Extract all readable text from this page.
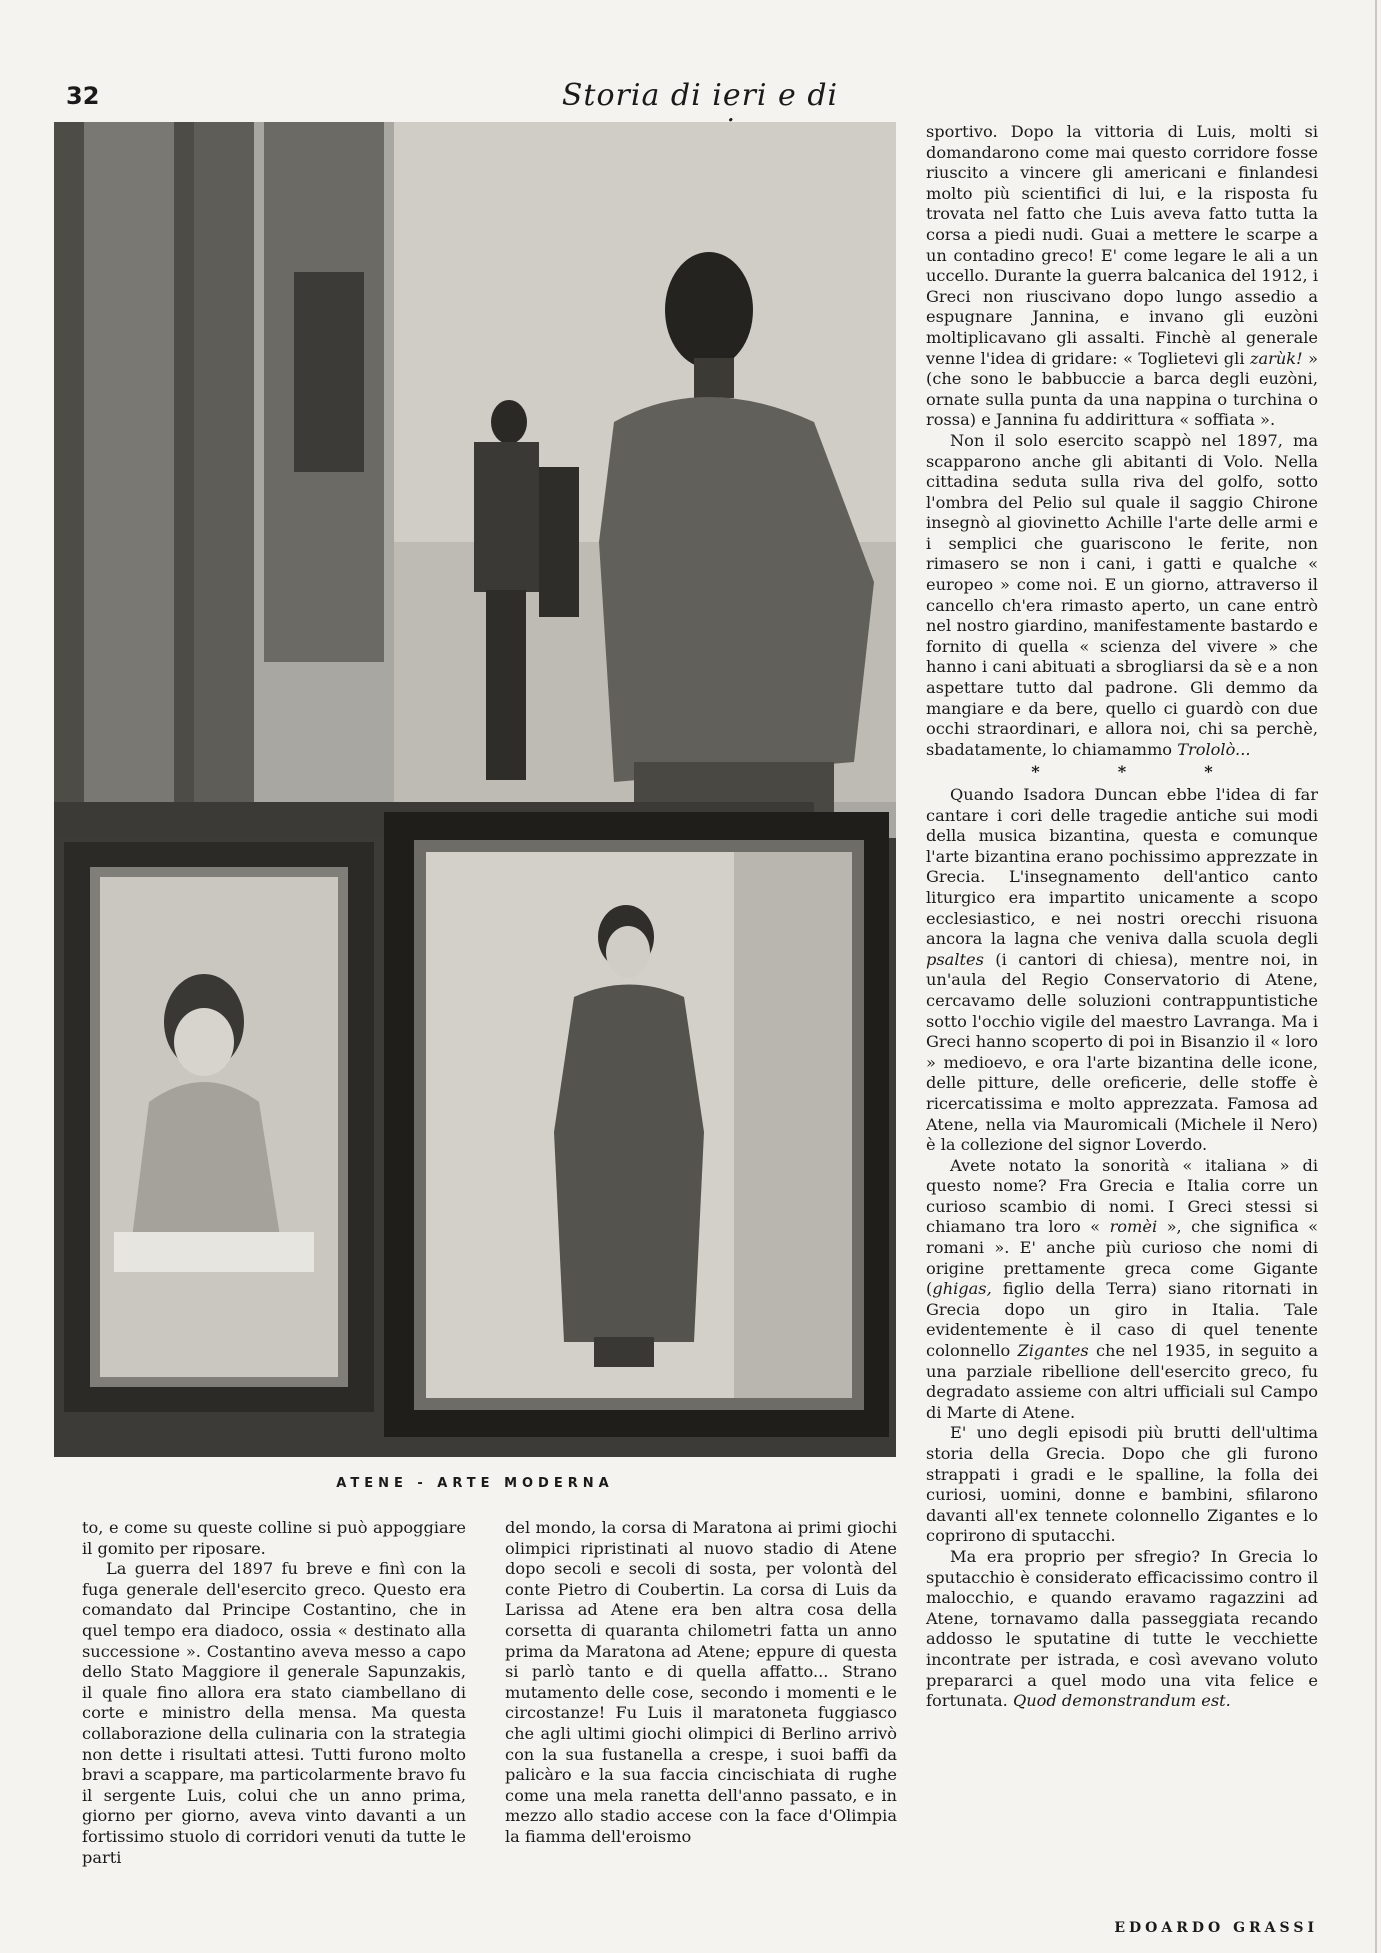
32	Storia di ieri e di
ATENE - ARTE MODERNA

to, e come su queste colline si può appoggiare il gomito per riposare.

La guerra del 1897 fu breve e finì con la fuga generale dell'esercito greco. Questo era comandato dal Principe Costantino, che in quel tempo era diadoco, ossia « destinato alla successione ». Costantino aveva messo a capo dello Stato Maggiore il generale Sapunzakis, il quale fino allora era stato ciambellano di corte e ministro della mensa. Ma questa collaborazione della culinaria con la strategia non dette i risultati attesi. Tutti furono molto bravi a scappare, ma particolarmente bravo fu il sergente Luis, colui che un anno prima, giorno per giorno, aveva vinto davanti a un fortissimo stuolo di corridori venuti da tutte le parti

del mondo, la corsa di Maratona ai primi giochi olimpici ripristinati al nuovo stadio di Atene dopo secoli e secoli di sosta, per volontà del conte Pietro di Coubertin. La corsa di Luis da Larissa ad Atene era ben altra cosa della corsetta di quaranta chilometri fatta un anno prima da Maratona ad Atene; eppure di questa si parlò tanto e di quella affatto... Strano mutamento delle cose, secondo i momenti e le circostanze! Fu Luis il maratoneta fuggiasco che agli ultimi giochi olimpici di Berlino arrivò con la sua fustanella a crespe, i suoi baffi da palicàro e la sua faccia cincischiata di rughe come una mela ranetta dell'anno passato, e in mezzo allo stadio accese con la face d'Olimpia la fiamma dell'eroismo

sportivo. Dopo la vittoria di Luis, molti si domandarono come mai questo corridore fosse riuscito a vincere gli americani e finlandesi molto più scientifici di lui, e la risposta fu trovata nel fatto che Luis aveva fatto tutta la corsa a piedi nudi. Guai a mettere le scarpe a un contadino greco! E' come legare le ali a un uccello. Durante la guerra balcanica del 1912, i Greci non riuscivano dopo lungo assedio a espugnare Jannina, e invano gli euzòni moltiplicavano gli assalti. Finchè al generale venne l'idea di gridare: « Toglietevi gli zarùk! » (che sono le babbuccie a barca degli euzòni, ornate sulla punta da una nappina o turchina o rossa) e Jannina fu addirittura « soffiata ».

Non il solo esercito scappò nel 1897, ma scapparono anche gli abitanti di Volo. Nella cittadina seduta sulla riva del golfo, sotto l'ombra del Pelio sul quale il saggio Chirone insegnò al giovinetto Achille l'arte delle armi e i semplici che guariscono le ferite, non rimasero se non i cani, i gatti e qualche « europeo » come noi. E un giorno, attraverso il cancello ch'era rimasto aperto, un cane entrò nel nostro giardino, manifestamente bastardo e fornito di quella « scienza del vivere » che hanno i cani abituati a sbrogliarsi da sè e a non aspettare tutto dal padrone. Gli demmo da mangiare e da bere, quello ci guardò con due occhi straordinari, e allora noi, chi sa perchè, sbadatamente, lo chiamammo Trololò...

*	*	*

Quando Isadora Duncan ebbe l'idea di far cantare i cori delle tragedie antiche sui modi della musica bizantina, questa e comunque l'arte bizantina erano pochissimo apprezzate in Grecia. L'insegnamento dell'antico canto liturgico era impartito unicamente a scopo ecclesiastico, e nei nostri orecchi risuona ancora la lagna che veniva dalla scuola degli psaltes (i cantori di chiesa), mentre noi, in un'aula del Regio Conservatorio di Atene, cercavamo delle soluzioni contrappuntistiche sotto l'occhio vigile del maestro Lavranga. Ma i Greci hanno scoperto di poi in Bisanzio il « loro » medioevo, e ora l'arte bizantina delle icone, delle pitture, delle oreficerie, delle stoffe è ricercatissima e molto apprezzata. Famosa ad Atene, nella via Mauromicali (Michele il Nero) è la collezione del signor Loverdo.

Avete notato la sonorità « italiana » di questo nome? Fra Grecia e Italia corre un curioso scambio di nomi. I Greci stessi si chiamano tra loro « romèi », che significa « romani ». E' anche più curioso che nomi di origine prettamente greca come Gigante (ghigas, figlio della Terra) siano ritornati in Grecia dopo un giro in Italia. Tale evidentemente è il caso di quel tenente colonnello Zigantes che nel 1935, in seguito a una parziale ribellione dell'esercito greco, fu degradato assieme con altri ufficiali sul Campo di Marte di Atene.

E' uno degli episodi più brutti dell'ultima storia della Grecia. Dopo che gli furono strappati i gradi e le spalline, la folla dei curiosi, uomini, donne e bambini, sfilarono davanti all'ex tennete colonnello Zigantes e lo coprirono di sputacchi.

Ma era proprio per sfregio? In Grecia lo sputacchio è considerato efficacissimo contro il malocchio, e quando eravamo ragazzini ad Atene, tornavamo dalla passeggiata recando addosso le sputatine di tutte le vecchiette incontrate per istrada, e così avevano voluto prepararci a quel modo una vita felice e fortunata. Quod demonstrandum est.

EDOARDO GRASSI
